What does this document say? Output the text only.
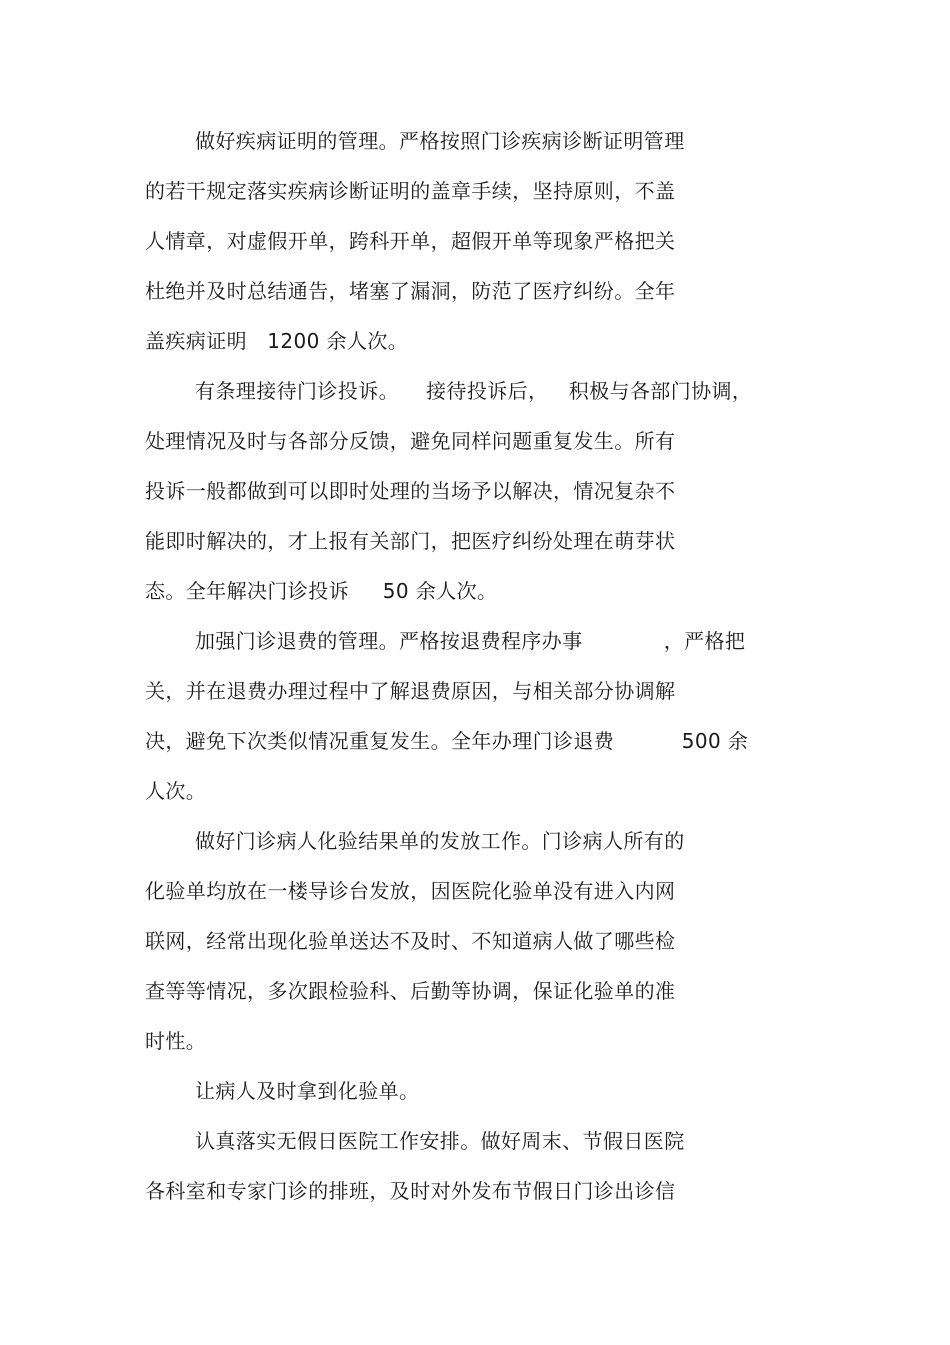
做好疾病证明的管理。严格按照门诊疾病诊断证明管理
的若干规定落实疾病诊断证明的盖章手续，坚持原则，不盖
人情章，对虚假开单，跨科开单，超假开单等现象严格把关
杜绝并及时总结通告，堵塞了漏洞，防范了医疗纠纷。全年
盖疾病证明   1200 余人次。
有条理接待门诊投诉。    接待投诉后，   积极与各部门协调，
处理情况及时与各部分反馈，避免同样问题重复发生。所有
投诉一般都做到可以即时处理的当场予以解决，情况复杂不
能即时解决的，才上报有关部门，把医疗纠纷处理在萌芽状
态。全年解决门诊投诉     50 余人次。
加强门诊退费的管理。严格按退费程序办事            ，严格把
关，并在退费办理过程中了解退费原因，与相关部分协调解
决，避免下次类似情况重复发生。全年办理门诊退费          500 余
人次。
做好门诊病人化验结果单的发放工作。门诊病人所有的
化验单均放在一楼导诊台发放，因医院化验单没有进入内网
联网，经常出现化验单送达不及时、不知道病人做了哪些检
查等等情况，多次跟检验科、后勤等协调，保证化验单的准
时性。
让病人及时拿到化验单。
认真落实无假日医院工作安排。做好周末、节假日医院
各科室和专家门诊的排班，及时对外发布节假日门诊出诊信
